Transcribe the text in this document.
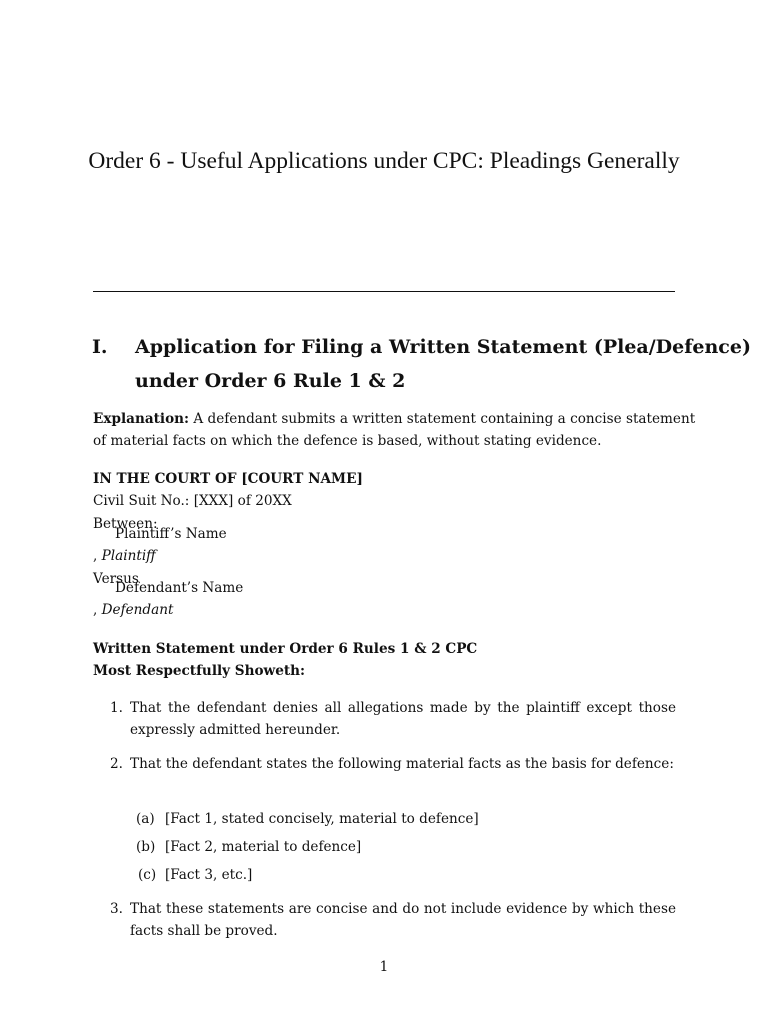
Order 6 - Useful Applications under CPC: Pleadings Generally
I. Application for Filing a Written Statement (Plea/Defence)
under Order 6 Rule 1 & 2
Explanation: A defendant submits a written statement containing a concise statement
of material facts on which the defence is based, without stating evidence.
IN THE COURT OF [COURT NAME]
Civil Suit No.: [XXX] of 20XX
Between:
Plaintiff’s Name
, Plaintiff
Versus
Defendant’s Name
, Defendant
Written Statement under Order 6 Rules 1 & 2 CPC
Most Respectfully Showeth:
1. That the defendant denies all allegations made by the plaintiff except those expressly admitted hereunder.
2. That the defendant states the following material facts as the basis for defence:
(a) [Fact 1, stated concisely, material to defence]
(b) [Fact 2, material to defence]
(c) [Fact 3, etc.]
3. That these statements are concise and do not include evidence by which these facts shall be proved.
1
